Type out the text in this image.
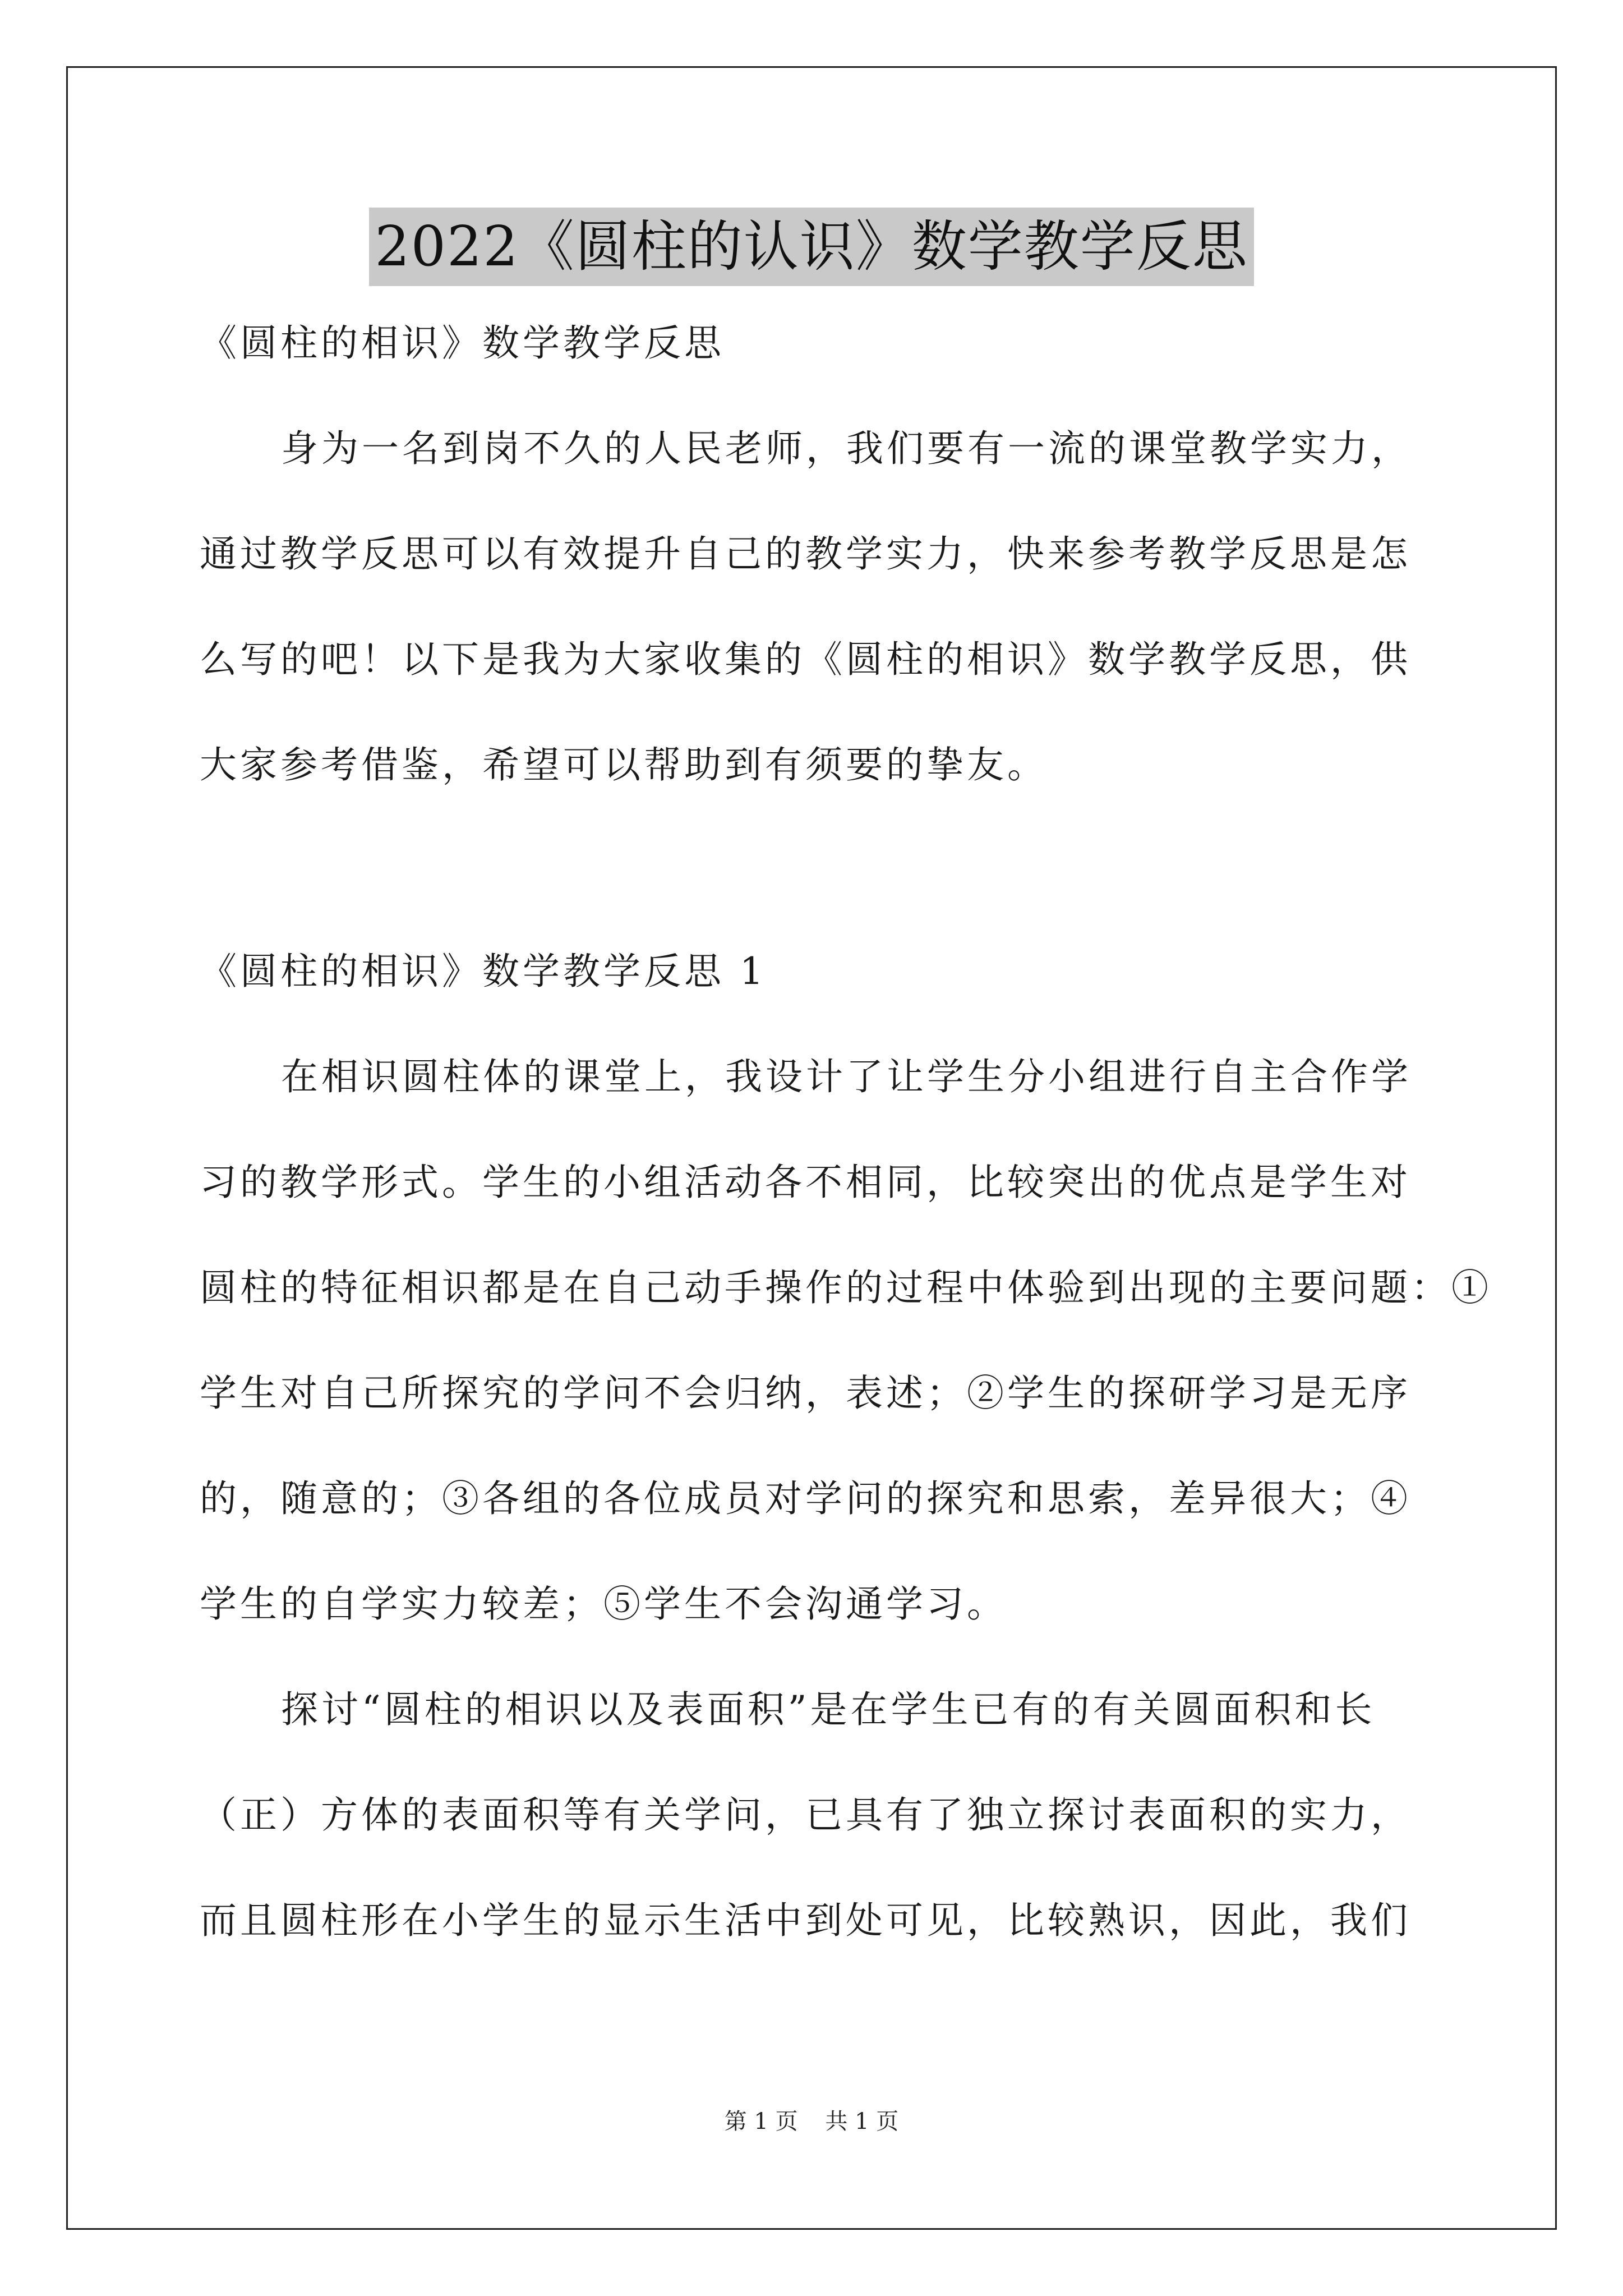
2022《圆柱的认识》数学教学反思
《圆柱的相识》数学教学反思
身为一名到岗不久的人民老师，我们要有一流的课堂教学实力，
通过教学反思可以有效提升自己的教学实力，快来参考教学反思是怎
么写的吧！以下是我为大家收集的《圆柱的相识》数学教学反思，供
大家参考借鉴，希望可以帮助到有须要的挚友。
《圆柱的相识》数学教学反思 1
在相识圆柱体的课堂上，我设计了让学生分小组进行自主合作学
习的教学形式。学生的小组活动各不相同，比较突出的优点是学生对
圆柱的特征相识都是在自己动手操作的过程中体验到出现的主要问题：①
学生对自己所探究的学问不会归纳，表述；②学生的探研学习是无序
的，随意的；③各组的各位成员对学问的探究和思索，差异很大；④
学生的自学实力较差；⑤学生不会沟通学习。
探讨“圆柱的相识以及表面积”是在学生已有的有关圆面积和长
（正）方体的表面积等有关学问，已具有了独立探讨表面积的实力，
而且圆柱形在小学生的显示生活中到处可见，比较熟识，因此，我们
第 1 页 共 1 页
